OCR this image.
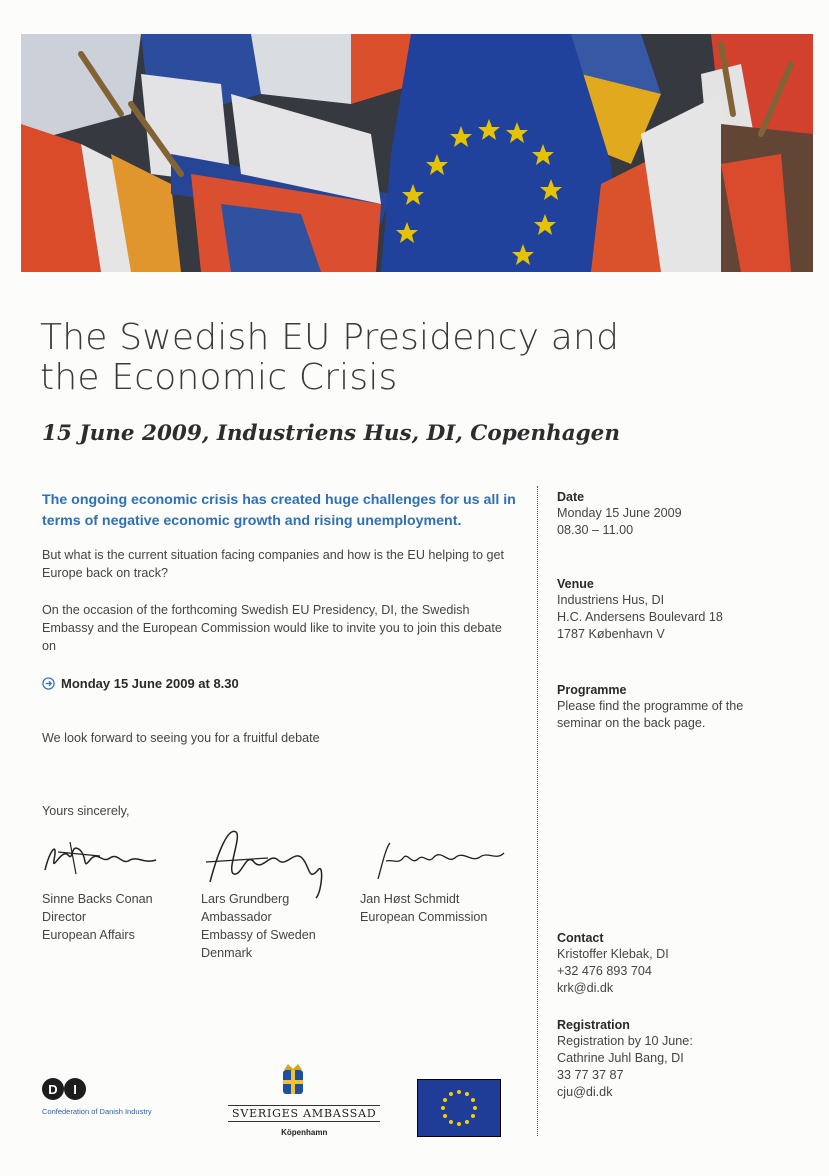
The Swedish EU Presidency and the Economic Crisis

15 June 2009, Industriens Hus, DI, Copenhagen

The ongoing economic crisis has created huge challenges for us all in terms of negative economic growth and rising unemployment.

But what is the current situation facing companies and how is the EU helping to get Europe back on track?

On the occasion of the forthcoming Swedish EU Presidency, DI, the Swedish Embassy and the European Commission would like to invite you to join this debate on

Monday 15 June 2009 at 8.30

We look forward to seeing you for a fruitful debate

Yours sincerely,

Sinne Backs Conan
Director
European Affairs
Lars Grundberg
Ambassador
Embassy of Sweden
Denmark
Jan Høst Schmidt
European Commission
D	I
Confederation of Danish Industry	SVERIGES AMBASSAD
Köpenhamn

Date

Monday 15 June 2009

08.30 – 11.00

Venue

Industriens Hus, DI

H.C. Andersens Boulevard 18

1787 København V

Programme

Please find the programme of the

seminar on the back page.

Contact

Kristoffer Klebak, DI

+32 476 893 704

krk@di.dk

Registration

Registration by 10 June:

Cathrine Juhl Bang, DI

33 77 37 87

cju@di.dk
